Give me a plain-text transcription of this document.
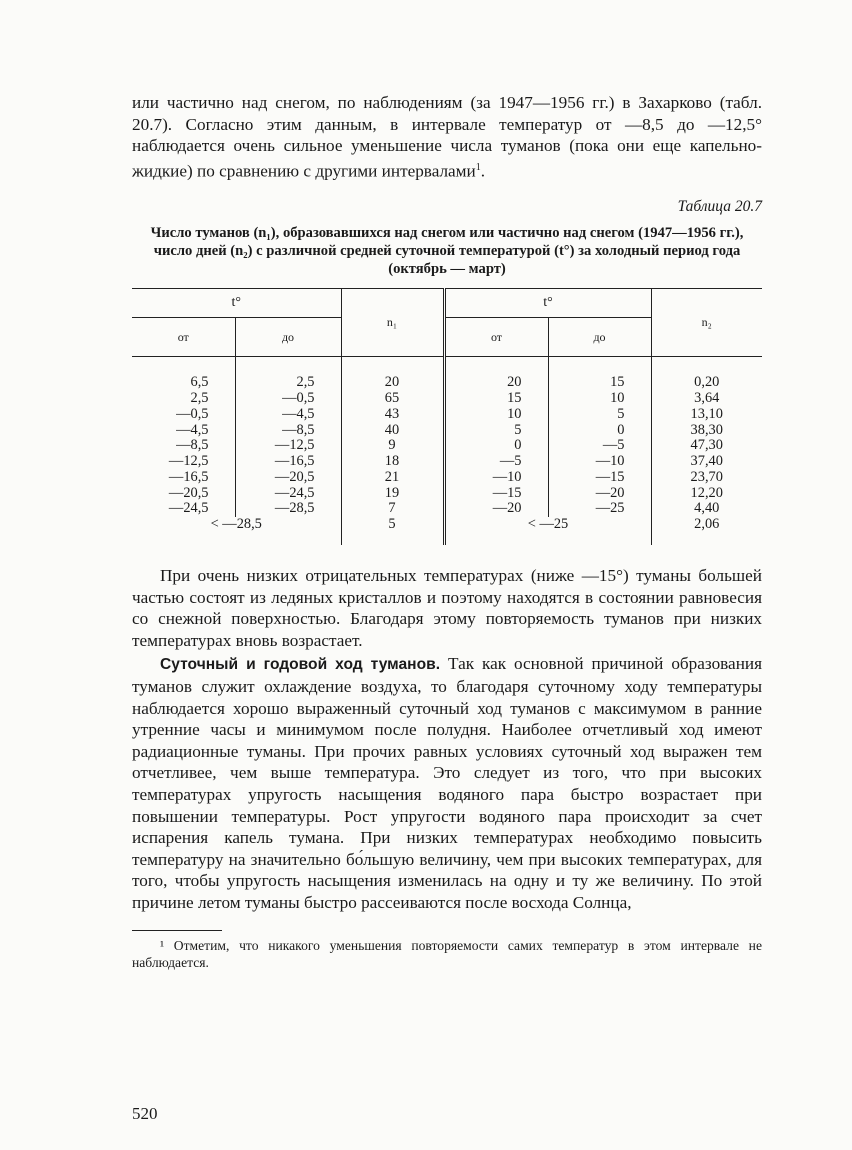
или частично над снегом, по наблюдениям (за 1947—1956 гг.) в Захарково (табл. 20.7). Согласно этим данным, в интервале температур от —8,5 до —12,5° наблюдается очень сильное уменьшение числа туманов (пока они еще капельно-жидкие) по сравнению с другими интервалами$^1$.

Таблица 20.7
Число туманов (n₁), образовавшихся над снегом или частично над снегом (1947—1956 гг.), число дней (n₂) с различной средней суточной температурой (t°) за холодный период года (октябрь — март)
t°		n₁	t°		n₂
от	до		от	до	
6,5	2,5	20	20	15	0,20
2,5	—0,5	65	15	10	3,64
—0,5	—4,5	43	10	5	13,10
—4,5	—8,5	40	5	0	38,30
—8,5	—12,5	9	0	—5	47,30
—12,5	—16,5	18	—5	—10	37,40
—16,5	—20,5	21	—10	—15	23,70
—20,5	—24,5	19	—15	—20	12,20
—24,5	—28,5	7	—20	—25	4,40
< —28,5		5	< —25		2,06

При очень низких отрицательных температурах (ниже —15°) туманы большей частью состоят из ледяных кристаллов и поэтому находятся в состоянии равновесия со снежной поверхностью. Благодаря этому повторяемость туманов при низких температурах вновь возрастает.

Суточный и годовой ход туманов. Так как основной причиной образования туманов служит охлаждение воздуха, то благодаря суточному ходу температуры наблюдается хорошо выраженный суточный ход туманов с максимумом в ранние утренние часы и минимумом после полудня. Наиболее отчетливый ход имеют радиационные туманы. При прочих равных условиях суточный ход выражен тем отчетливее, чем выше температура. Это следует из того, что при высоких температурах упругость насыщения водяного пара быстро возрастает при повышении температуры. Рост упругости водяного пара происходит за счет испарения капель тумана. При низких температурах необходимо повысить температуру на значительно бо́льшую величину, чем при высоких температурах, для того, чтобы упругость насыщения изменилась на одну и ту же величину. По этой причине летом туманы быстро рассеиваются после восхода Солнца,

¹ Отметим, что никакого уменьшения повторяемости самих температур в этом интервале не наблюдается.
520
